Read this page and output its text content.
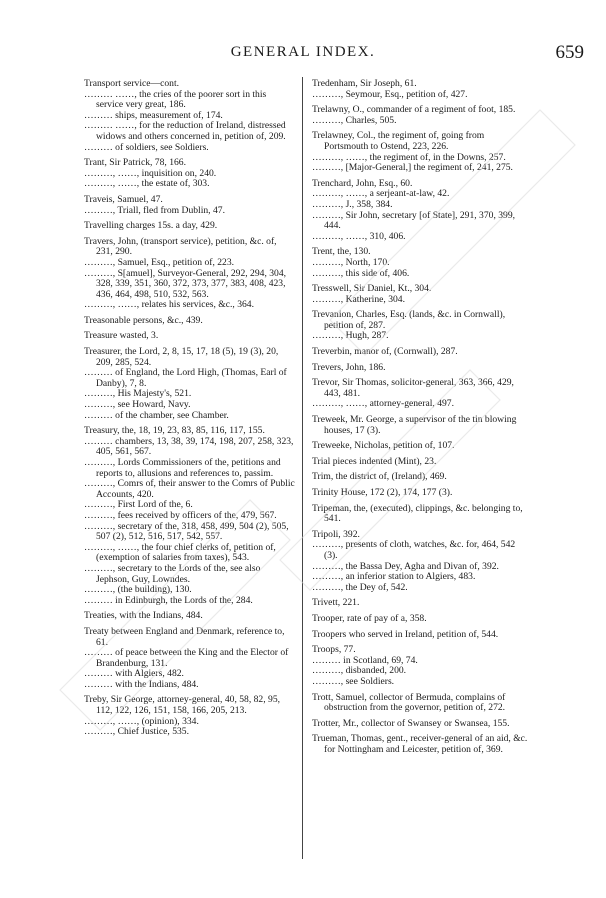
GENERAL INDEX.	659

Transport service—cont.

……… ……, the cries of the poorer sort in this service very great, 186.

……… ships, measurement of, 174.

……… ……, for the reduction of Ireland, distressed widows and others concerned in, petition of, 209.

……… of soldiers, see Soldiers.

Trant, Sir Patrick, 78, 166.

………, ……, inquisition on, 240.

………, ……, the estate of, 303.

Traveis, Samuel, 47.

………, Triall, fled from Dublin, 47.

Travelling charges 15s. a day, 429.

Travers, John, (transport service), petition, &c. of, 231, 290.

………, Samuel, Esq., petition of, 223.

………, S[amuel], Surveyor-General, 292, 294, 304, 328, 339, 351, 360, 372, 373, 377, 383, 408, 423, 436, 464, 498, 510, 532, 563.

………, ……, relates his services, &c., 364.

Treasonable persons, &c., 439.

Treasure wasted, 3.

Treasurer, the Lord, 2, 8, 15, 17, 18 (5), 19 (3), 20, 209, 285, 524.

……… of England, the Lord High, (Thomas, Earl of Danby), 7, 8.

………, His Majesty's, 521.

………, see Howard, Navy.

……… of the chamber, see Chamber.

Treasury, the, 18, 19, 23, 83, 85, 116, 117, 155.

……… chambers, 13, 38, 39, 174, 198, 207, 258, 323, 405, 561, 567.

………, Lords Commissioners of the, petitions and reports to, allusions and references to, passim.

………, Comrs of, their answer to the Comrs of Public Accounts, 420.

………, First Lord of the, 6.

………, fees received by officers of the, 479, 567.

………, secretary of the, 318, 458, 499, 504 (2), 505, 507 (2), 512, 516, 517, 542, 557.

………, ……, the four chief clerks of, petition of, (exemption of salaries from taxes), 543.

………, secretary to the Lords of the, see also Jephson, Guy, Lowndes.

………, (the building), 130.

……… in Edinburgh, the Lords of the, 284.

Treaties, with the Indians, 484.

Treaty between England and Denmark, reference to, 61.

……… of peace between the King and the Elector of Brandenburg, 131.

……… with Algiers, 482.

……… with the Indians, 484.

Treby, Sir George, attorney-general, 40, 58, 82, 95, 112, 122, 126, 151, 158, 166, 205, 213.

………, ……, (opinion), 334.

………, Chief Justice, 535.

Tredenham, Sir Joseph, 61.

………, Seymour, Esq., petition of, 427.

Trelawny, O., commander of a regiment of foot, 185.

………, Charles, 505.

Trelawney, Col., the regiment of, going from Portsmouth to Ostend, 223, 226.

………, ……, the regiment of, in the Downs, 257.

………, [Major-General,] the regiment of, 241, 275.

Trenchard, John, Esq., 60.

………, ……, a serjeant-at-law, 42.

………, J., 358, 384.

………, Sir John, secretary [of State], 291, 370, 399, 444.

………, ……, 310, 406.

Trent, the, 130.

………, North, 170.

………, this side of, 406.

Tresswell, Sir Daniel, Kt., 304.

………, Katherine, 304.

Trevanion, Charles, Esq. (lands, &c. in Cornwall), petition of, 287.

………, Hugh, 287.

Treverbin, manor of, (Cornwall), 287.

Trevers, John, 186.

Trevor, Sir Thomas, solicitor-general, 363, 366, 429, 443, 481.

………, ……, attorney-general, 497.

Treweek, Mr. George, a supervisor of the tin blowing houses, 17 (3).

Treweeke, Nicholas, petition of, 107.

Trial pieces indented (Mint), 23.

Trim, the district of, (Ireland), 469.

Trinity House, 172 (2), 174, 177 (3).

Tripeman, the, (executed), clippings, &c. belonging to, 541.

Tripoli, 392.

………, presents of cloth, watches, &c. for, 464, 542 (3).

………, the Bassa Dey, Agha and Divan of, 392.

………, an inferior station to Algiers, 483.

………, the Dey of, 542.

Trivett, 221.

Trooper, rate of pay of a, 358.

Troopers who served in Ireland, petition of, 544.

Troops, 77.

……… in Scotland, 69, 74.

………, disbanded, 200.

………, see Soldiers.

Trott, Samuel, collector of Bermuda, complains of obstruction from the governor, petition of, 272.

Trotter, Mr., collector of Swansey or Swansea, 155.

Trueman, Thomas, gent., receiver-general of an aid, &c. for Nottingham and Leicester, petition of, 369.
